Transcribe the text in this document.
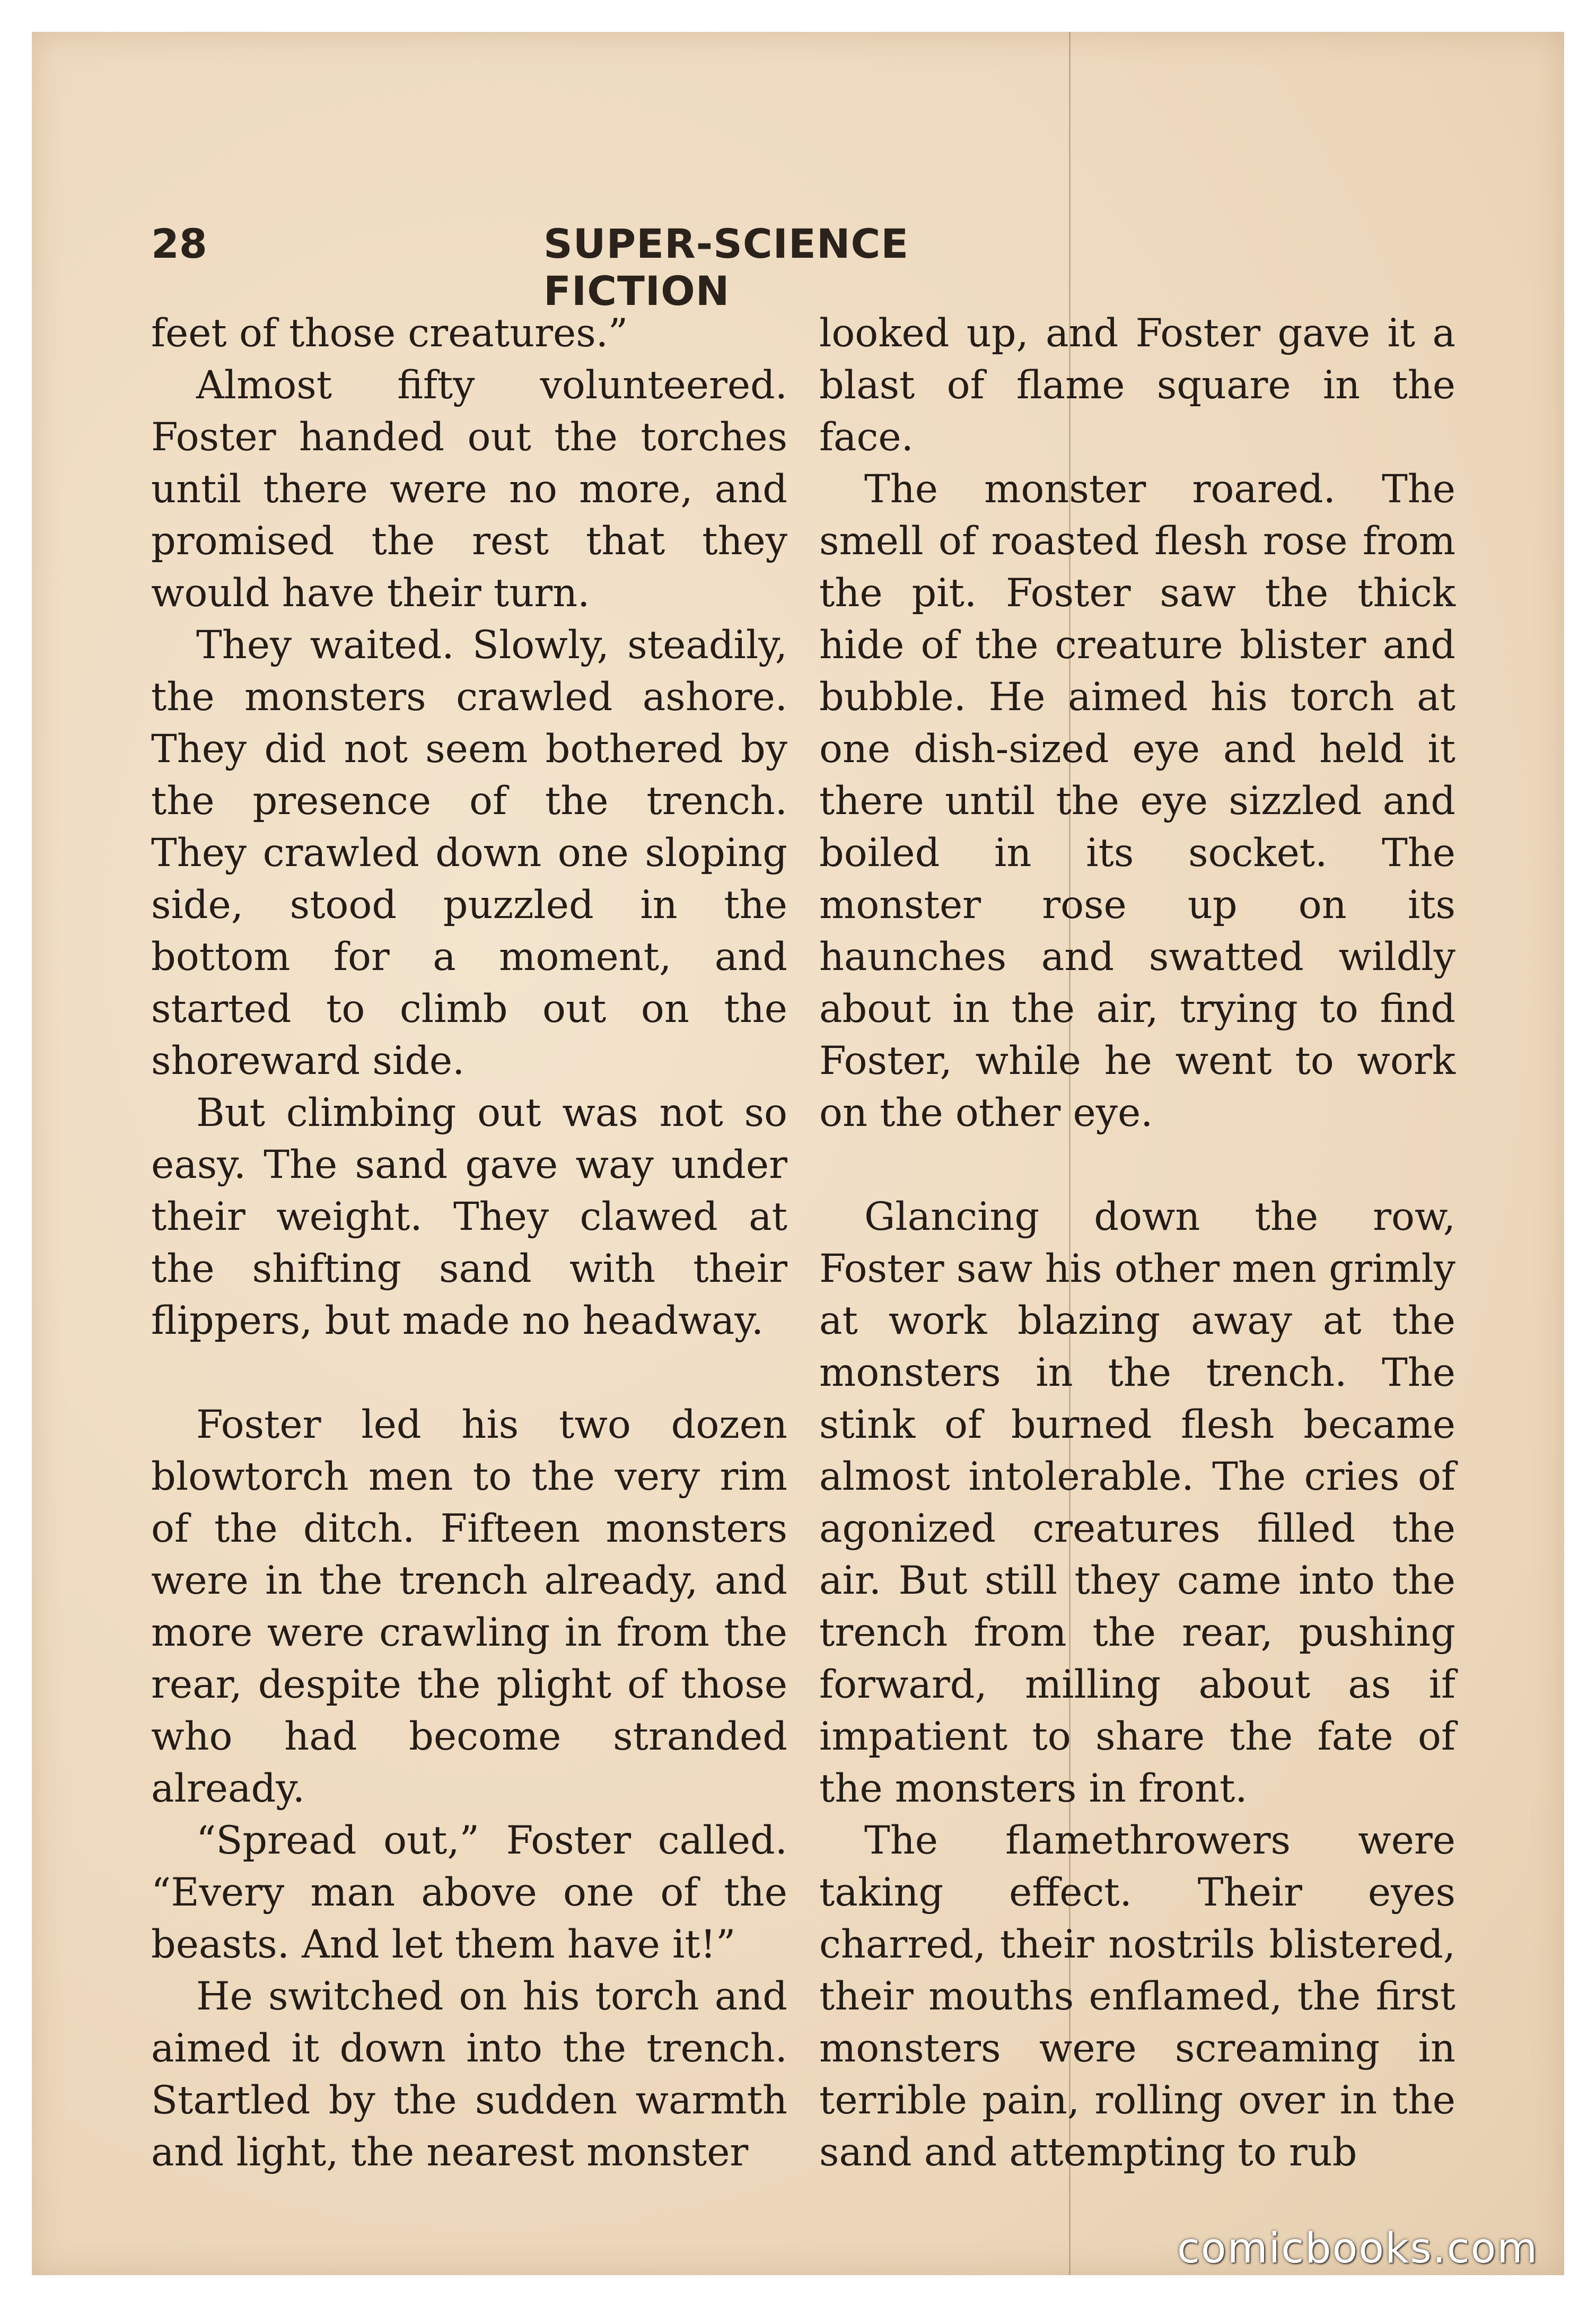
28	SUPER-SCIENCE FICTION

feet of those creatures.”

Almost fifty volunteered. Foster handed out the torches until there were no more, and promised the rest that they would have their turn.

They waited. Slowly, steadily, the monsters crawled ashore. They did not seem bothered by the presence of the trench. They crawled down one sloping side, stood puzzled in the bottom for a moment, and started to climb out on the shoreward side.

But climbing out was not so easy. The sand gave way under their weight. They clawed at the shifting sand with their flippers, but made no headway.

Foster led his two dozen blowtorch men to the very rim of the ditch. Fifteen monsters were in the trench already, and more were crawling in from the rear, despite the plight of those who had become stranded already.

“Spread out,” Foster called. “Every man above one of the beasts. And let them have it!”

He switched on his torch and aimed it down into the trench. Startled by the sudden warmth and light, the nearest monster

looked up, and Foster gave it a blast of flame square in the face.

The monster roared. The smell of roasted flesh rose from the pit. Foster saw the thick hide of the creature blister and bubble. He aimed his torch at one dish-sized eye and held it there until the eye sizzled and boiled in its socket. The monster rose up on its haunches and swatted wildly about in the air, trying to find Foster, while he went to work on the other eye.

Glancing down the row, Foster saw his other men grimly at work blazing away at the monsters in the trench. The stink of burned flesh became almost intolerable. The cries of agonized creatures filled the air. But still they came into the trench from the rear, pushing forward, milling about as if impatient to share the fate of the monsters in front.

The flamethrowers were taking effect. Their eyes charred, their nostrils blistered, their mouths enflamed, the first monsters were screaming in terrible pain, rolling over in the sand and attempting to rub

comicbooks.com
